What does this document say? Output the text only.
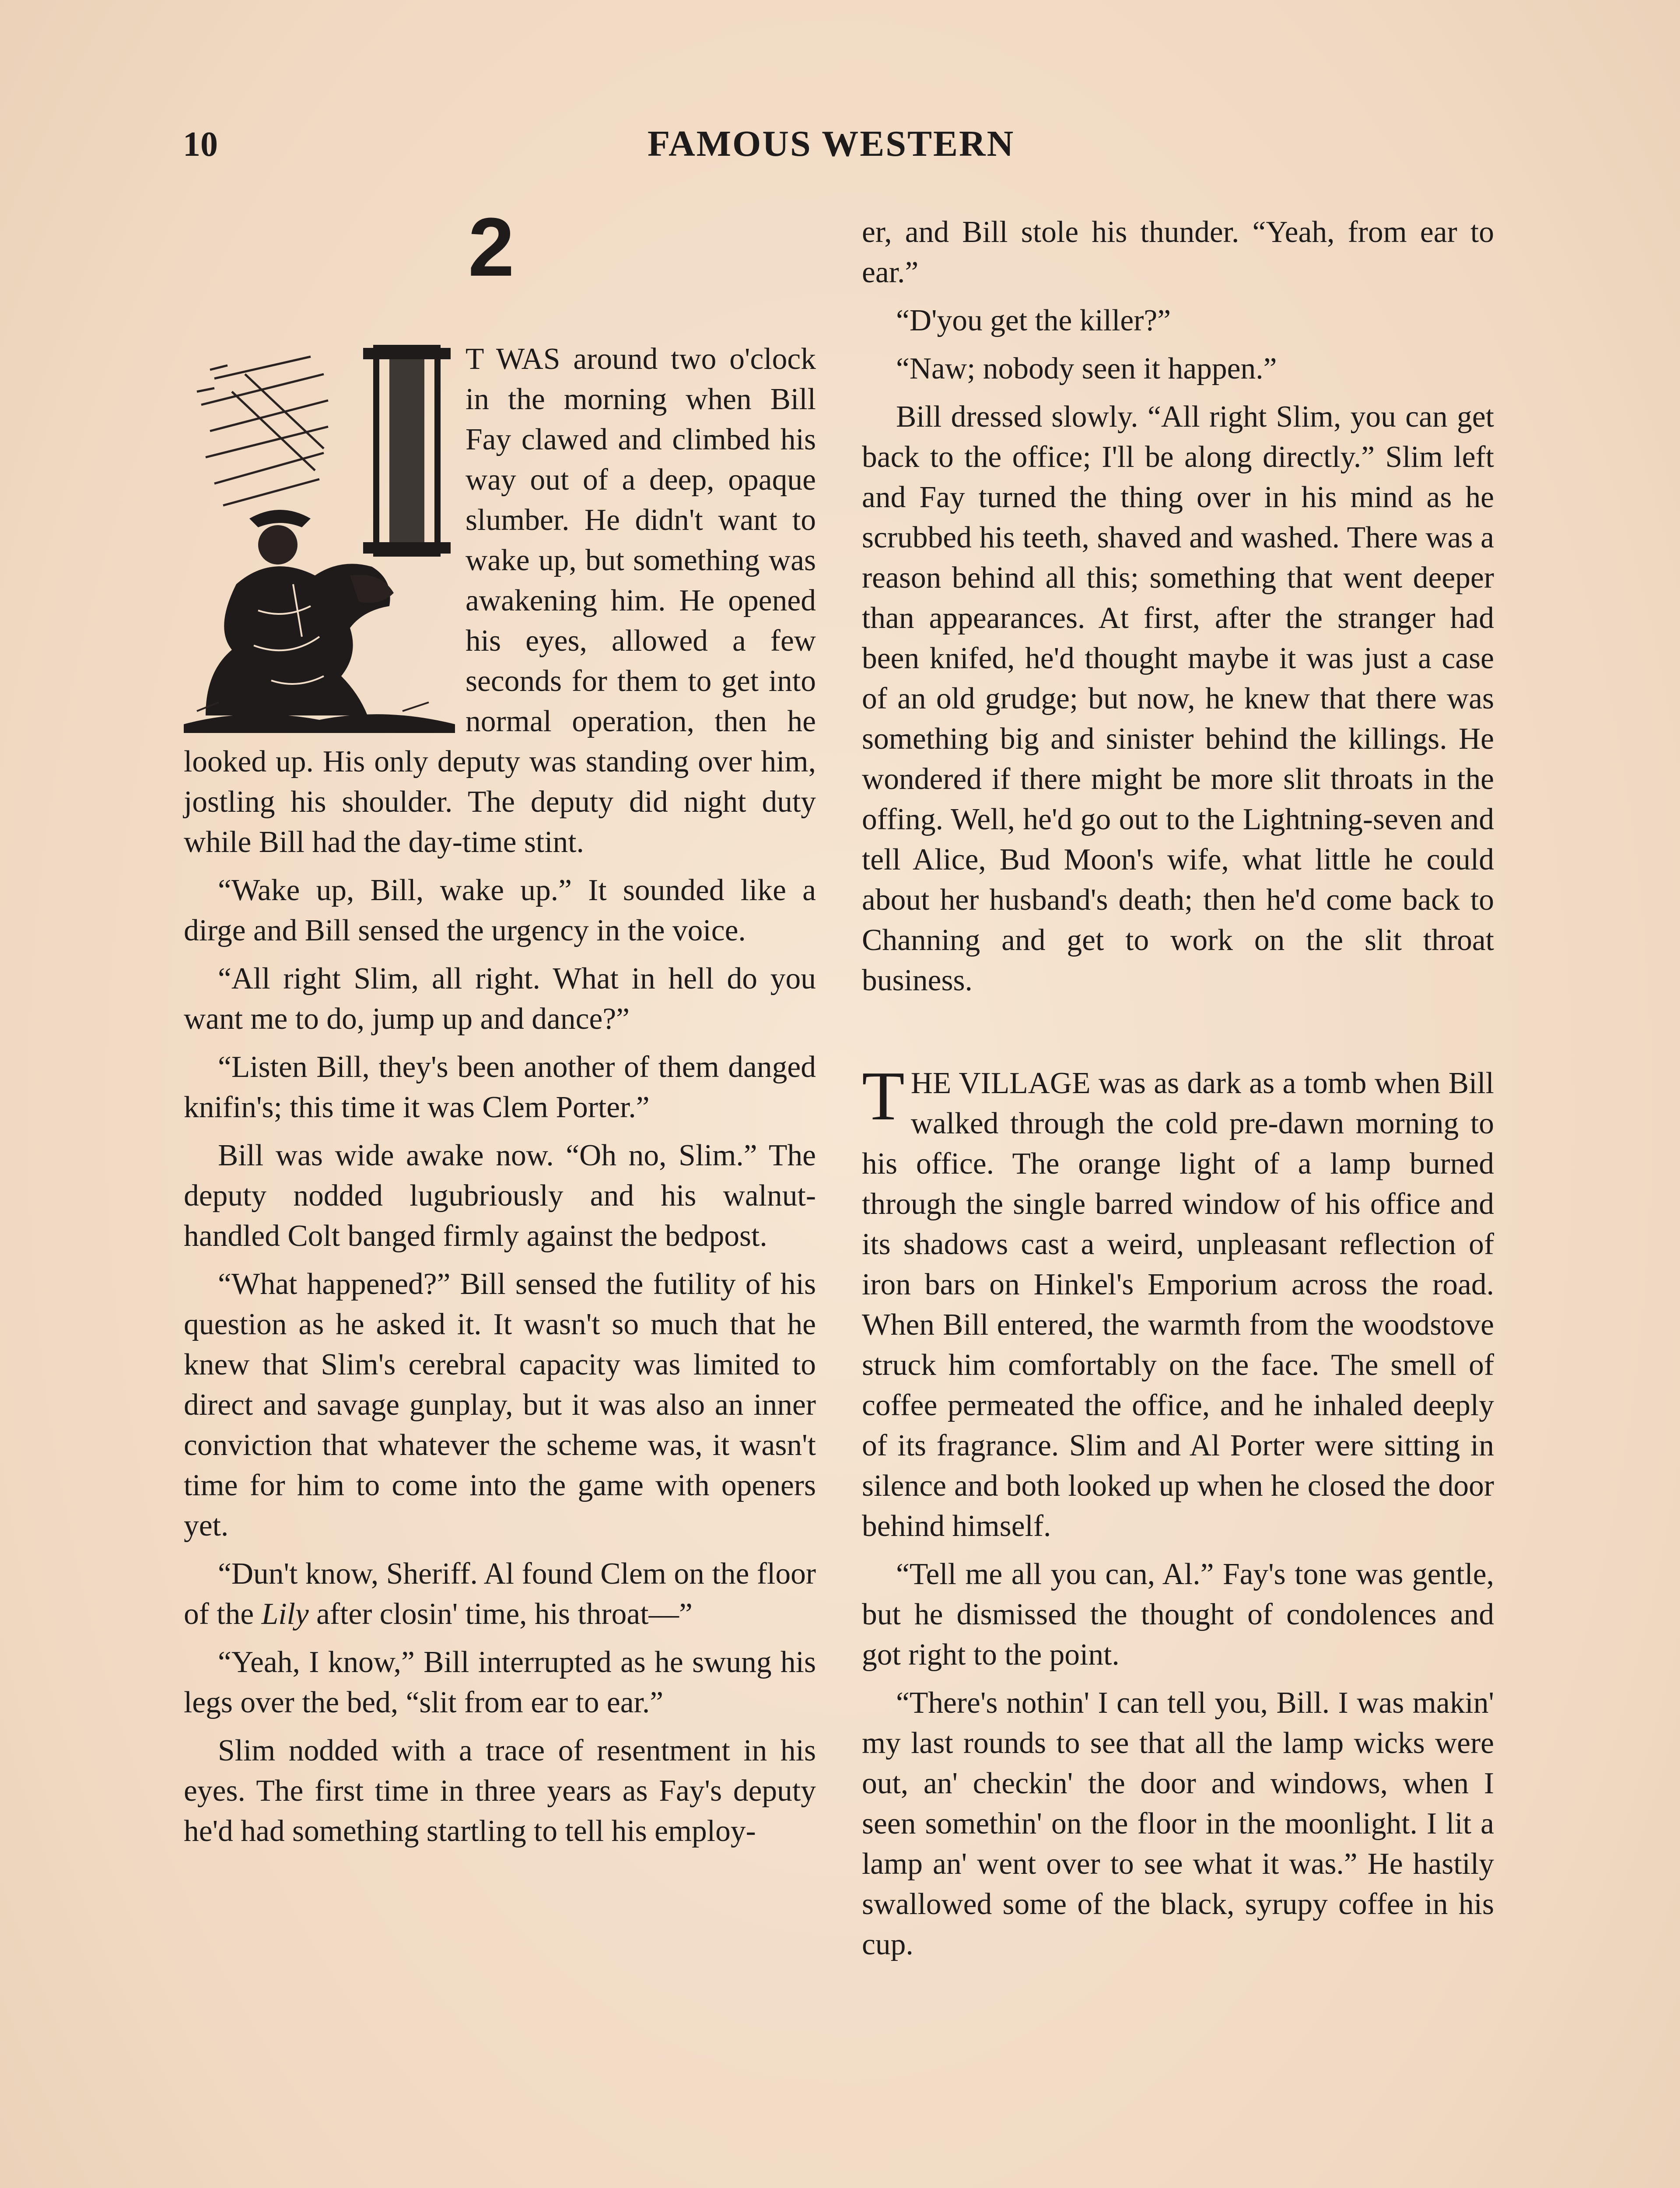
10	FAMOUS WESTERN
2

T WAS around two o'clock in the morning when Bill Fay clawed and climbed his way out of a deep, opaque slumber. He didn't want to wake up, but something was awakening him. He opened his eyes, allowed a few seconds for them to get into normal operation, then he looked up. His only deputy was standing over him, jostling his shoulder. The deputy did night duty while Bill had the day-time stint.

“Wake up, Bill, wake up.” It sounded like a dirge and Bill sensed the urgency in the voice.

“All right Slim, all right. What in hell do you want me to do, jump up and dance?”

“Listen Bill, they's been another of them danged knifin's; this time it was Clem Porter.”

Bill was wide awake now. “Oh no, Slim.” The deputy nodded lugubriously and his walnut-handled Colt banged firmly against the bedpost.

“What happened?” Bill sensed the futility of his question as he asked it. It wasn't so much that he knew that Slim's cerebral capacity was limited to direct and savage gunplay, but it was also an inner conviction that whatever the scheme was, it wasn't time for him to come into the game with openers yet.

“Dun't know, Sheriff. Al found Clem on the floor of the Lily after closin' time, his throat—”

“Yeah, I know,” Bill interrupted as he swung his legs over the bed, “slit from ear to ear.”

Slim nodded with a trace of resentment in his eyes. The first time in three years as Fay's deputy he'd had something startling to tell his employ-

er, and Bill stole his thunder. “Yeah, from ear to ear.”

“D'you get the killer?”

“Naw; nobody seen it happen.”

Bill dressed slowly. “All right Slim, you can get back to the office; I'll be along directly.” Slim left and Fay turned the thing over in his mind as he scrubbed his teeth, shaved and washed. There was a reason behind all this; something that went deeper than appearances. At first, after the stranger had been knifed, he'd thought maybe it was just a case of an old grudge; but now, he knew that there was something big and sinister behind the killings. He wondered if there might be more slit throats in the offing. Well, he'd go out to the Lightning-seven and tell Alice, Bud Moon's wife, what little he could about her husband's death; then he'd come back to Channing and get to work on the slit throat business.

THE VILLAGE was as dark as a tomb when Bill walked through the cold pre-dawn morning to his office. The orange light of a lamp burned through the single barred window of his office and its shadows cast a weird, unpleasant reflection of iron bars on Hinkel's Emporium across the road. When Bill entered, the warmth from the woodstove struck him comfortably on the face. The smell of coffee permeated the office, and he inhaled deeply of its fragrance. Slim and Al Porter were sitting in silence and both looked up when he closed the door behind himself.

“Tell me all you can, Al.” Fay's tone was gentle, but he dismissed the thought of condolences and got right to the point.

“There's nothin' I can tell you, Bill. I was makin' my last rounds to see that all the lamp wicks were out, an' checkin' the door and windows, when I seen somethin' on the floor in the moonlight. I lit a lamp an' went over to see what it was.” He hastily swallowed some of the black, syrupy coffee in his cup.
